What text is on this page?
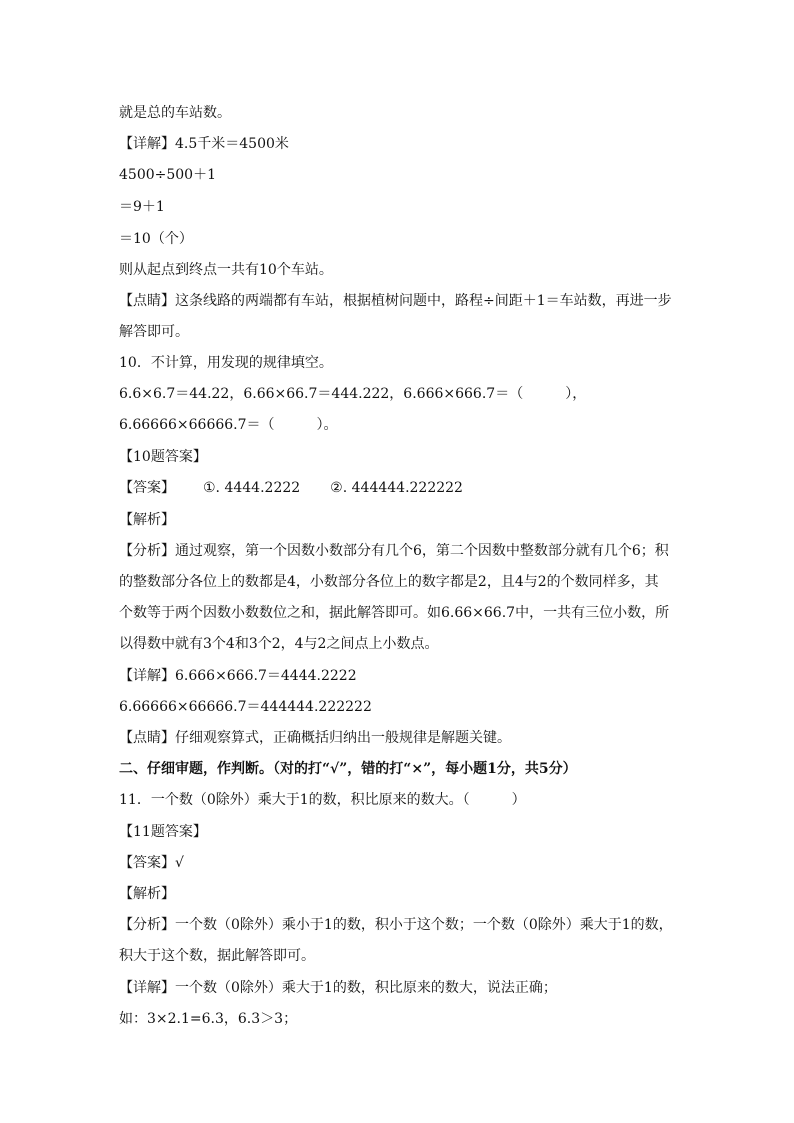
就是总的车站数。
【详解】4.5千米＝4500米
4500÷500＋1
＝9＋1
＝10（个）
则从起点到终点一共有10个车站。
【点睛】这条线路的两端都有车站，根据植树问题中，路程÷间距＋1＝车站数，再进一步
解答即可。
10．不计算，用发现的规律填空。
6.6×6.7＝44.22，6.66×66.7＝444.222，6.666×666.7＝（　　　），
6.66666×66666.7＝（　　　）。
【10题答案】
【答案】 ①. 4444.2222 ②. 444444.222222
【解析】
【分析】通过观察，第一个因数小数部分有几个6，第二个因数中整数部分就有几个6；积
的整数部分各位上的数都是4，小数部分各位上的数字都是2，且4与2的个数同样多，其
个数等于两个因数小数数位之和，据此解答即可。如6.66×66.7中，一共有三位小数，所
以得数中就有3个4和3个2，4与2之间点上小数点。
【详解】6.666×666.7＝4444.2222
6.66666×66666.7＝444444.222222
【点睛】仔细观察算式，正确概括归纳出一般规律是解题关键。
二、仔细审题，作判断。（对的打“√”，错的打“×”，每小题1分，共5分）
11．一个数（0除外）乘大于1的数，积比原来的数大。（　　　）
【11题答案】
【答案】√
【解析】
【分析】一个数（0除外）乘小于1的数，积小于这个数；一个数（0除外）乘大于1的数，
积大于这个数，据此解答即可。
【详解】一个数（0除外）乘大于1的数，积比原来的数大，说法正确；
如：3×2.1=6.3，6.3＞3；
